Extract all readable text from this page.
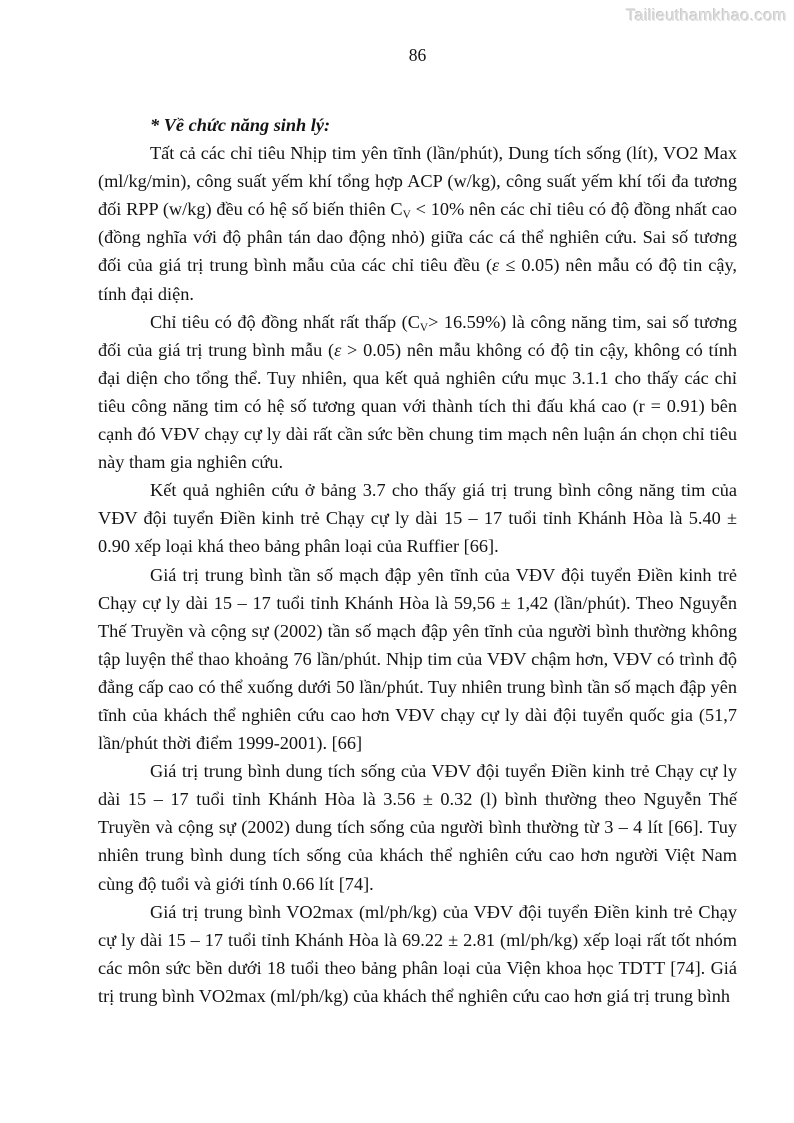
Tailieuthamkhao.com
86

* Về chức năng sinh lý:

Tất cả các chỉ tiêu Nhịp tim yên tĩnh (lần/phút), Dung tích sống (lít), VO2 Max (ml/kg/min), công suất yếm khí tổng hợp ACP (w/kg), công suất yếm khí tối đa tương đối RPP (w/kg) đều có hệ số biến thiên $C_V < 10\%$ nên các chỉ tiêu có độ đồng nhất cao (đồng nghĩa với độ phân tán dao động nhỏ) giữa các cá thể nghiên cứu. Sai số tương đối của giá trị trung bình mẫu của các chỉ tiêu đều (ε ≤ 0.05) nên mẫu có độ tin cậy, tính đại diện.

Chỉ tiêu có độ đồng nhất rất thấp $(C_V> 16.59\%)$ là công năng tim, sai số tương đối của giá trị trung bình mẫu (ε > 0.05) nên mẫu không có độ tin cậy, không có tính đại diện cho tổng thể. Tuy nhiên, qua kết quả nghiên cứu mục 3.1.1 cho thấy các chỉ tiêu công năng tim có hệ số tương quan với thành tích thi đấu khá cao (r = 0.91) bên cạnh đó VĐV chạy cự ly dài rất cần sức bền chung tim mạch nên luận án chọn chỉ tiêu này tham gia nghiên cứu.

Kết quả nghiên cứu ở bảng 3.7 cho thấy giá trị trung bình công năng tim của VĐV đội tuyển Điền kinh trẻ Chạy cự ly dài 15 – 17 tuổi tỉnh Khánh Hòa là 5.40 ± 0.90 xếp loại khá theo bảng phân loại của Ruffier [66].

Giá trị trung bình tần số mạch đập yên tĩnh của VĐV đội tuyển Điền kinh trẻ Chạy cự ly dài 15 – 17 tuổi tỉnh Khánh Hòa là 59,56 ± 1,42 (lần/phút). Theo Nguyễn Thế Truyền và cộng sự (2002) tần số mạch đập yên tĩnh của người bình thường không tập luyện thể thao khoảng 76 lần/phút. Nhịp tim của VĐV chậm hơn, VĐV có trình độ đẳng cấp cao có thể xuống dưới 50 lần/phút. Tuy nhiên trung bình tần số mạch đập yên tĩnh của khách thể nghiên cứu cao hơn VĐV chạy cự ly dài đội tuyển quốc gia (51,7 lần/phút thời điểm 1999-2001). [66]

Giá trị trung bình dung tích sống của VĐV đội tuyển Điền kinh trẻ Chạy cự ly dài 15 – 17 tuổi tỉnh Khánh Hòa là 3.56 ± 0.32 (l) bình thường theo Nguyễn Thế Truyền và cộng sự (2002) dung tích sống của người bình thường từ 3 – 4 lít [66]. Tuy nhiên trung bình dung tích sống của khách thể nghiên cứu cao hơn người Việt Nam cùng độ tuổi và giới tính 0.66 lít [74].

Giá trị trung bình VO2max (ml/ph/kg) của VĐV đội tuyển Điền kinh trẻ Chạy cự ly dài 15 – 17 tuổi tỉnh Khánh Hòa là 69.22 ± 2.81 (ml/ph/kg) xếp loại rất tốt nhóm các môn sức bền dưới 18 tuổi theo bảng phân loại của Viện khoa học TDTT [74]. Giá trị trung bình VO2max (ml/ph/kg) của khách thể nghiên cứu cao hơn giá trị trung bình
